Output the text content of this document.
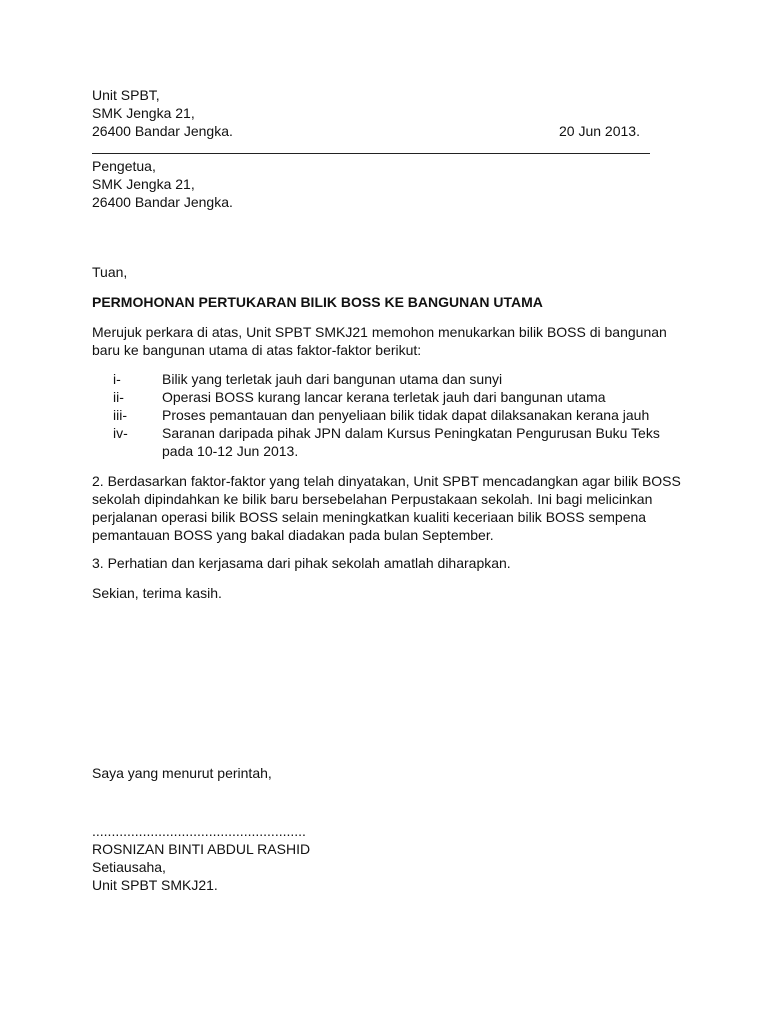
Unit SPBT,
SMK Jengka 21,
26400 Bandar Jengka.	20 Jun 2013.
Pengetua,
SMK Jengka 21,
26400 Bandar Jengka.
Tuan,
PERMOHONAN PERTUKARAN BILIK BOSS KE BANGUNAN UTAMA
Merujuk perkara di atas, Unit SPBT SMKJ21 memohon menukarkan bilik BOSS di bangunan baru ke bangunan utama di atas faktor-faktor berikut:
i-	Bilik yang terletak jauh dari bangunan utama dan sunyi
ii-	Operasi BOSS kurang lancar kerana terletak jauh dari bangunan utama
iii-	Proses pemantauan dan penyeliaan bilik tidak dapat dilaksanakan kerana jauh
iv- Saranan daripada pihak JPN dalam Kursus Peningkatan Pengurusan Buku Teks pada 10-12 Jun 2013.
2. Berdasarkan faktor-faktor yang telah dinyatakan, Unit SPBT mencadangkan agar bilik BOSS sekolah dipindahkan ke bilik baru bersebelahan Perpustakaan sekolah. Ini bagi melicinkan perjalanan operasi bilik BOSS selain meningkatkan kualiti keceriaan bilik BOSS sempena pemantauan BOSS yang bakal diadakan pada bulan September.
3. Perhatian dan kerjasama dari pihak sekolah amatlah diharapkan.
Sekian, terima kasih.
Saya yang menurut perintah,
.......................................................
ROSNIZAN BINTI ABDUL RASHID
Setiausaha,
Unit SPBT SMKJ21.
